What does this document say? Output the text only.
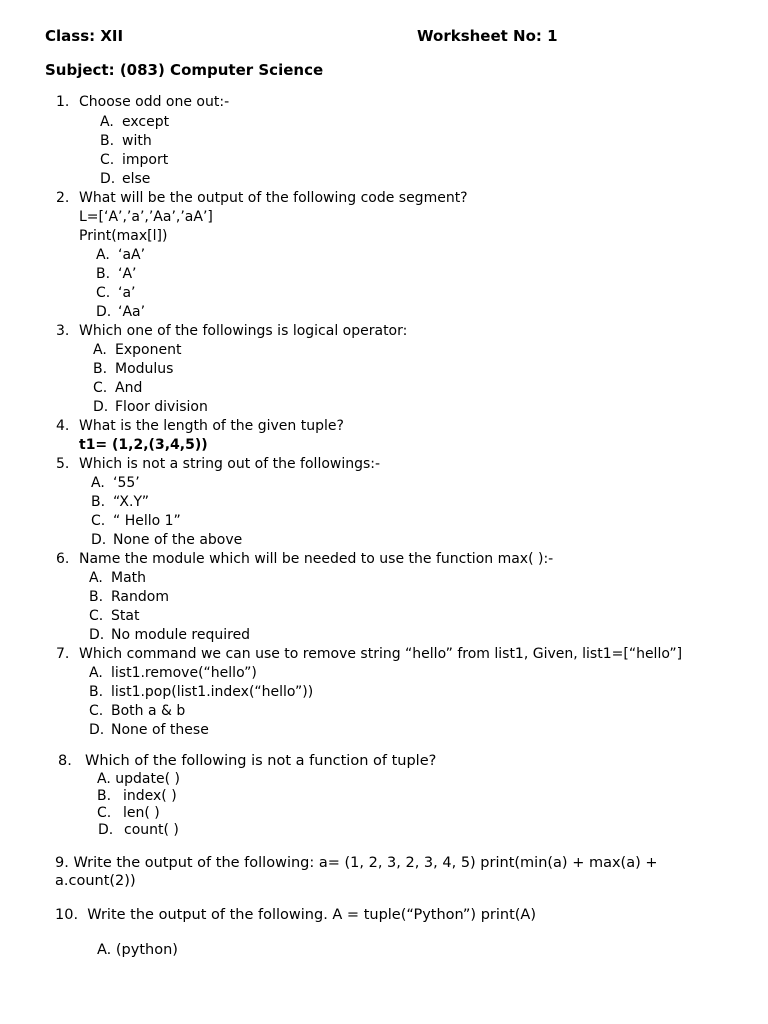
Class: XII	Worksheet No: 1
Subject: (083) Computer Science
1. Choose odd one out:-
A. except
B. with
C. import
D. else
2. What will be the output of the following code segment?
L=[‘A’,’a’,’Aa’,’aA’]
Print(max[l])
A. ‘aA’
B. ‘A’
C. ‘a’
D. ‘Aa’
3. Which one of the followings is logical operator:
A. Exponent
B. Modulus
C. And
D. Floor division
4. What is the length of the given tuple?
t1= (1,2,(3,4,5))
5. Which is not a string out of the followings:-
A. ‘55’
B. “X.Y”
C. “ Hello 1”
D. None of the above
6. Name the module which will be needed to use the function max( ):-
A. Math
B. Random
C. Stat
D. No module required
7. Which command we can use to remove string “hello” from list1, Given, list1=[“hello”]
A. list1.remove(“hello”)
B. list1.pop(list1.index(“hello”))
C. Both a & b
D. None of these
8. Which of the following is not a function of tuple?
A. update( )
B. index( )
C. len( )
D. count( )
9. Write the output of the following: a= (1, 2, 3, 2, 3, 4, 5) print(min(a) + max(a) +
a.count(2))
10. Write the output of the following. A = tuple(“Python”) print(A)
A. (python)
